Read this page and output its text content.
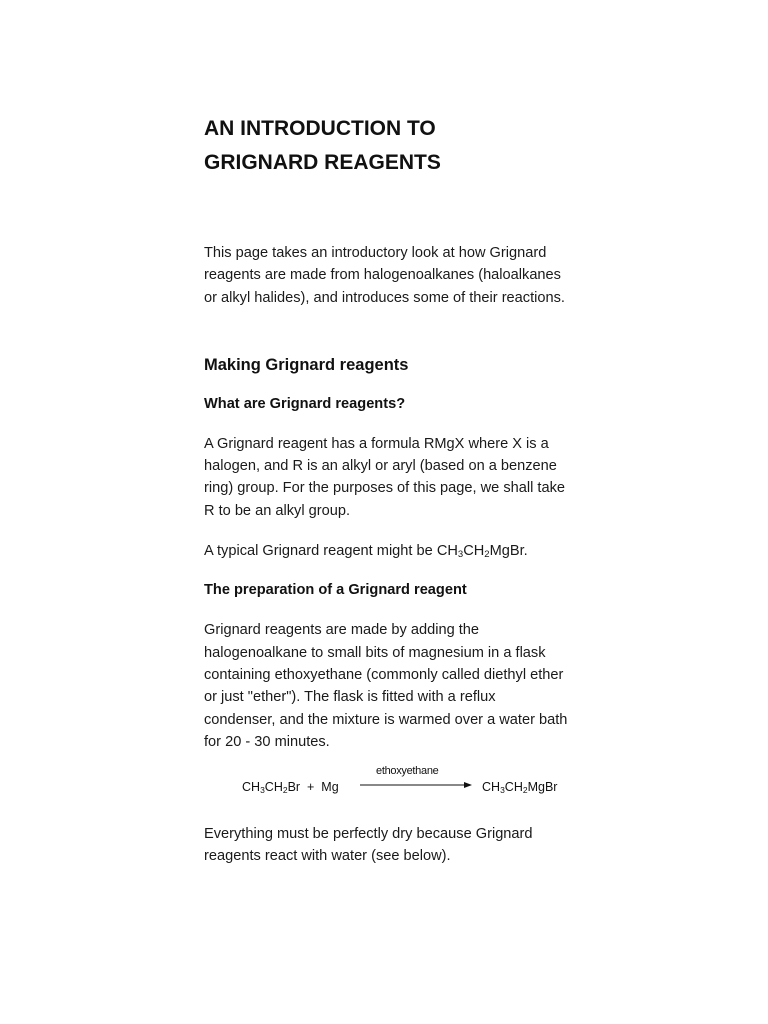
AN INTRODUCTION TO
GRIGNARD REAGENTS

This page takes an introductory look at how Grignard reagents are made from halogenoalkanes (haloalkanes or alkyl halides), and introduces some of their reactions.

Making Grignard reagents
What are Grignard reagents?

A Grignard reagent has a formula RMgX where X is a halogen, and R is an alkyl or aryl (based on a benzene ring) group. For the purposes of this page, we shall take R to be an alkyl group.

A typical Grignard reagent might be $CH_3CH_2MgBr$.

The preparation of a Grignard reagent

Grignard reagents are made by adding the halogenoalkane to small bits of magnesium in a flask containing ethoxyethane (commonly called diethyl ether or just "ether"). The flask is fitted with a reflux condenser, and the mixture is warmed over a water bath for 20 - 30 minutes.

$CH_3CH_2Br + Mg$
ethoxyethane
$CH_3CH_2MgBr$

Everything must be perfectly dry because Grignard reagents react with water (see below).
